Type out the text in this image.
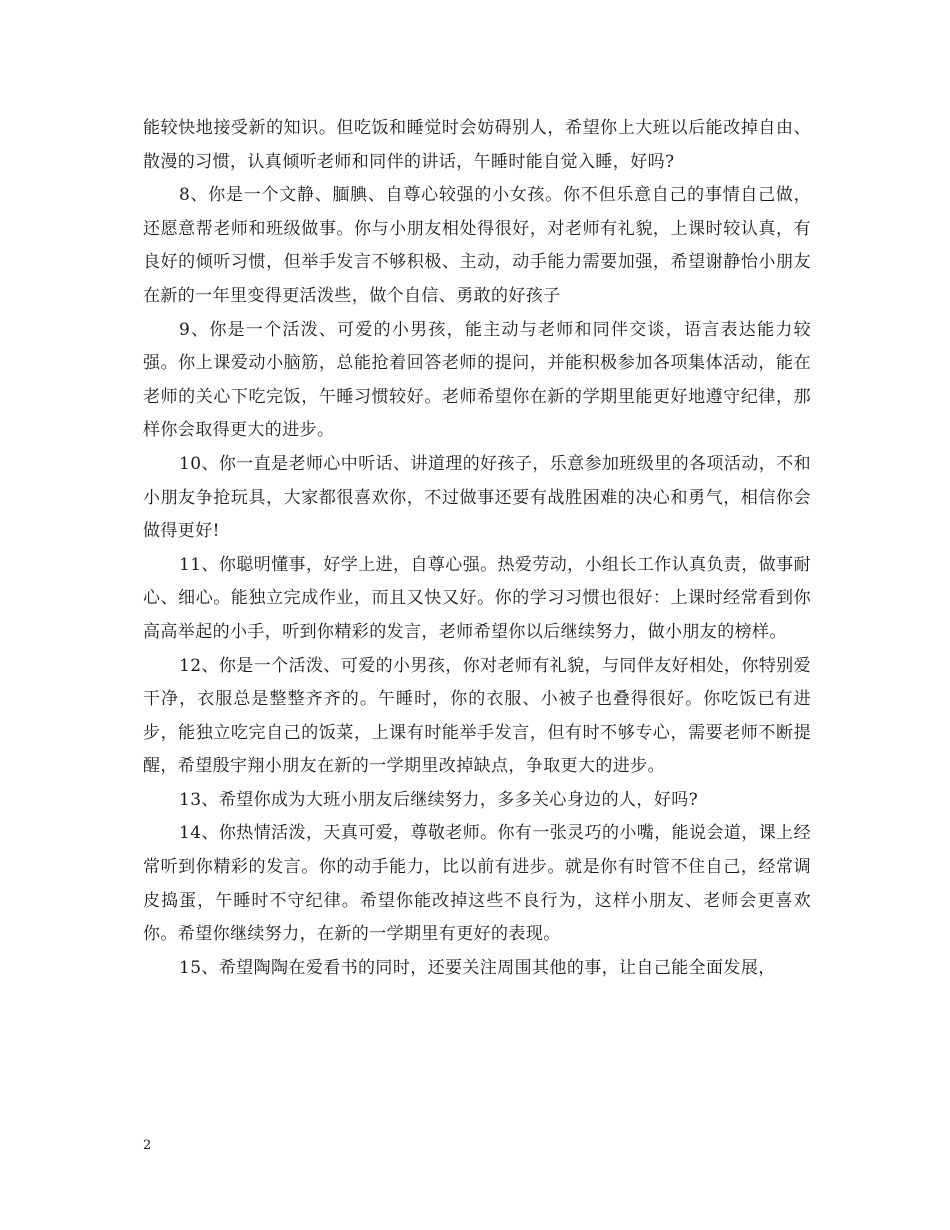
能较快地接受新的知识。但吃饭和睡觉时会妨碍别人，希望你上大班以后能改掉自由、散漫的习惯，认真倾听老师和同伴的讲话，午睡时能自觉入睡，好吗?

8、你是一个文静、腼腆、自尊心较强的小女孩。你不但乐意自己的事情自己做，还愿意帮老师和班级做事。你与小朋友相处得很好，对老师有礼貌，上课时较认真，有良好的倾听习惯，但举手发言不够积极、主动，动手能力需要加强，希望谢静怡小朋友在新的一年里变得更活泼些，做个自信、勇敢的好孩子

9、你是一个活泼、可爱的小男孩，能主动与老师和同伴交谈，语言表达能力较强。你上课爱动小脑筋，总能抢着回答老师的提问，并能积极参加各项集体活动，能在老师的关心下吃完饭，午睡习惯较好。老师希望你在新的学期里能更好地遵守纪律，那样你会取得更大的进步。

10、你一直是老师心中听话、讲道理的好孩子，乐意参加班级里的各项活动，不和小朋友争抢玩具，大家都很喜欢你，不过做事还要有战胜困难的决心和勇气，相信你会做得更好!

11、你聪明懂事，好学上进，自尊心强。热爱劳动，小组长工作认真负责，做事耐心、细心。能独立完成作业，而且又快又好。你的学习习惯也很好：上课时经常看到你高高举起的小手，听到你精彩的发言，老师希望你以后继续努力，做小朋友的榜样。

12、你是一个活泼、可爱的小男孩，你对老师有礼貌，与同伴友好相处，你特别爱干净，衣服总是整整齐齐的。午睡时，你的衣服、小被子也叠得很好。你吃饭已有进步，能独立吃完自己的饭菜，上课有时能举手发言，但有时不够专心，需要老师不断提醒，希望殷宇翔小朋友在新的一学期里改掉缺点，争取更大的进步。

13、希望你成为大班小朋友后继续努力，多多关心身边的人，好吗?

14、你热情活泼，天真可爱，尊敬老师。你有一张灵巧的小嘴，能说会道，课上经常听到你精彩的发言。你的动手能力，比以前有进步。就是你有时管不住自己，经常调皮捣蛋，午睡时不守纪律。希望你能改掉这些不良行为，这样小朋友、老师会更喜欢你。希望你继续努力，在新的一学期里有更好的表现。

15、希望陶陶在爱看书的同时，还要关注周围其他的事，让自己能全面发展，

2
